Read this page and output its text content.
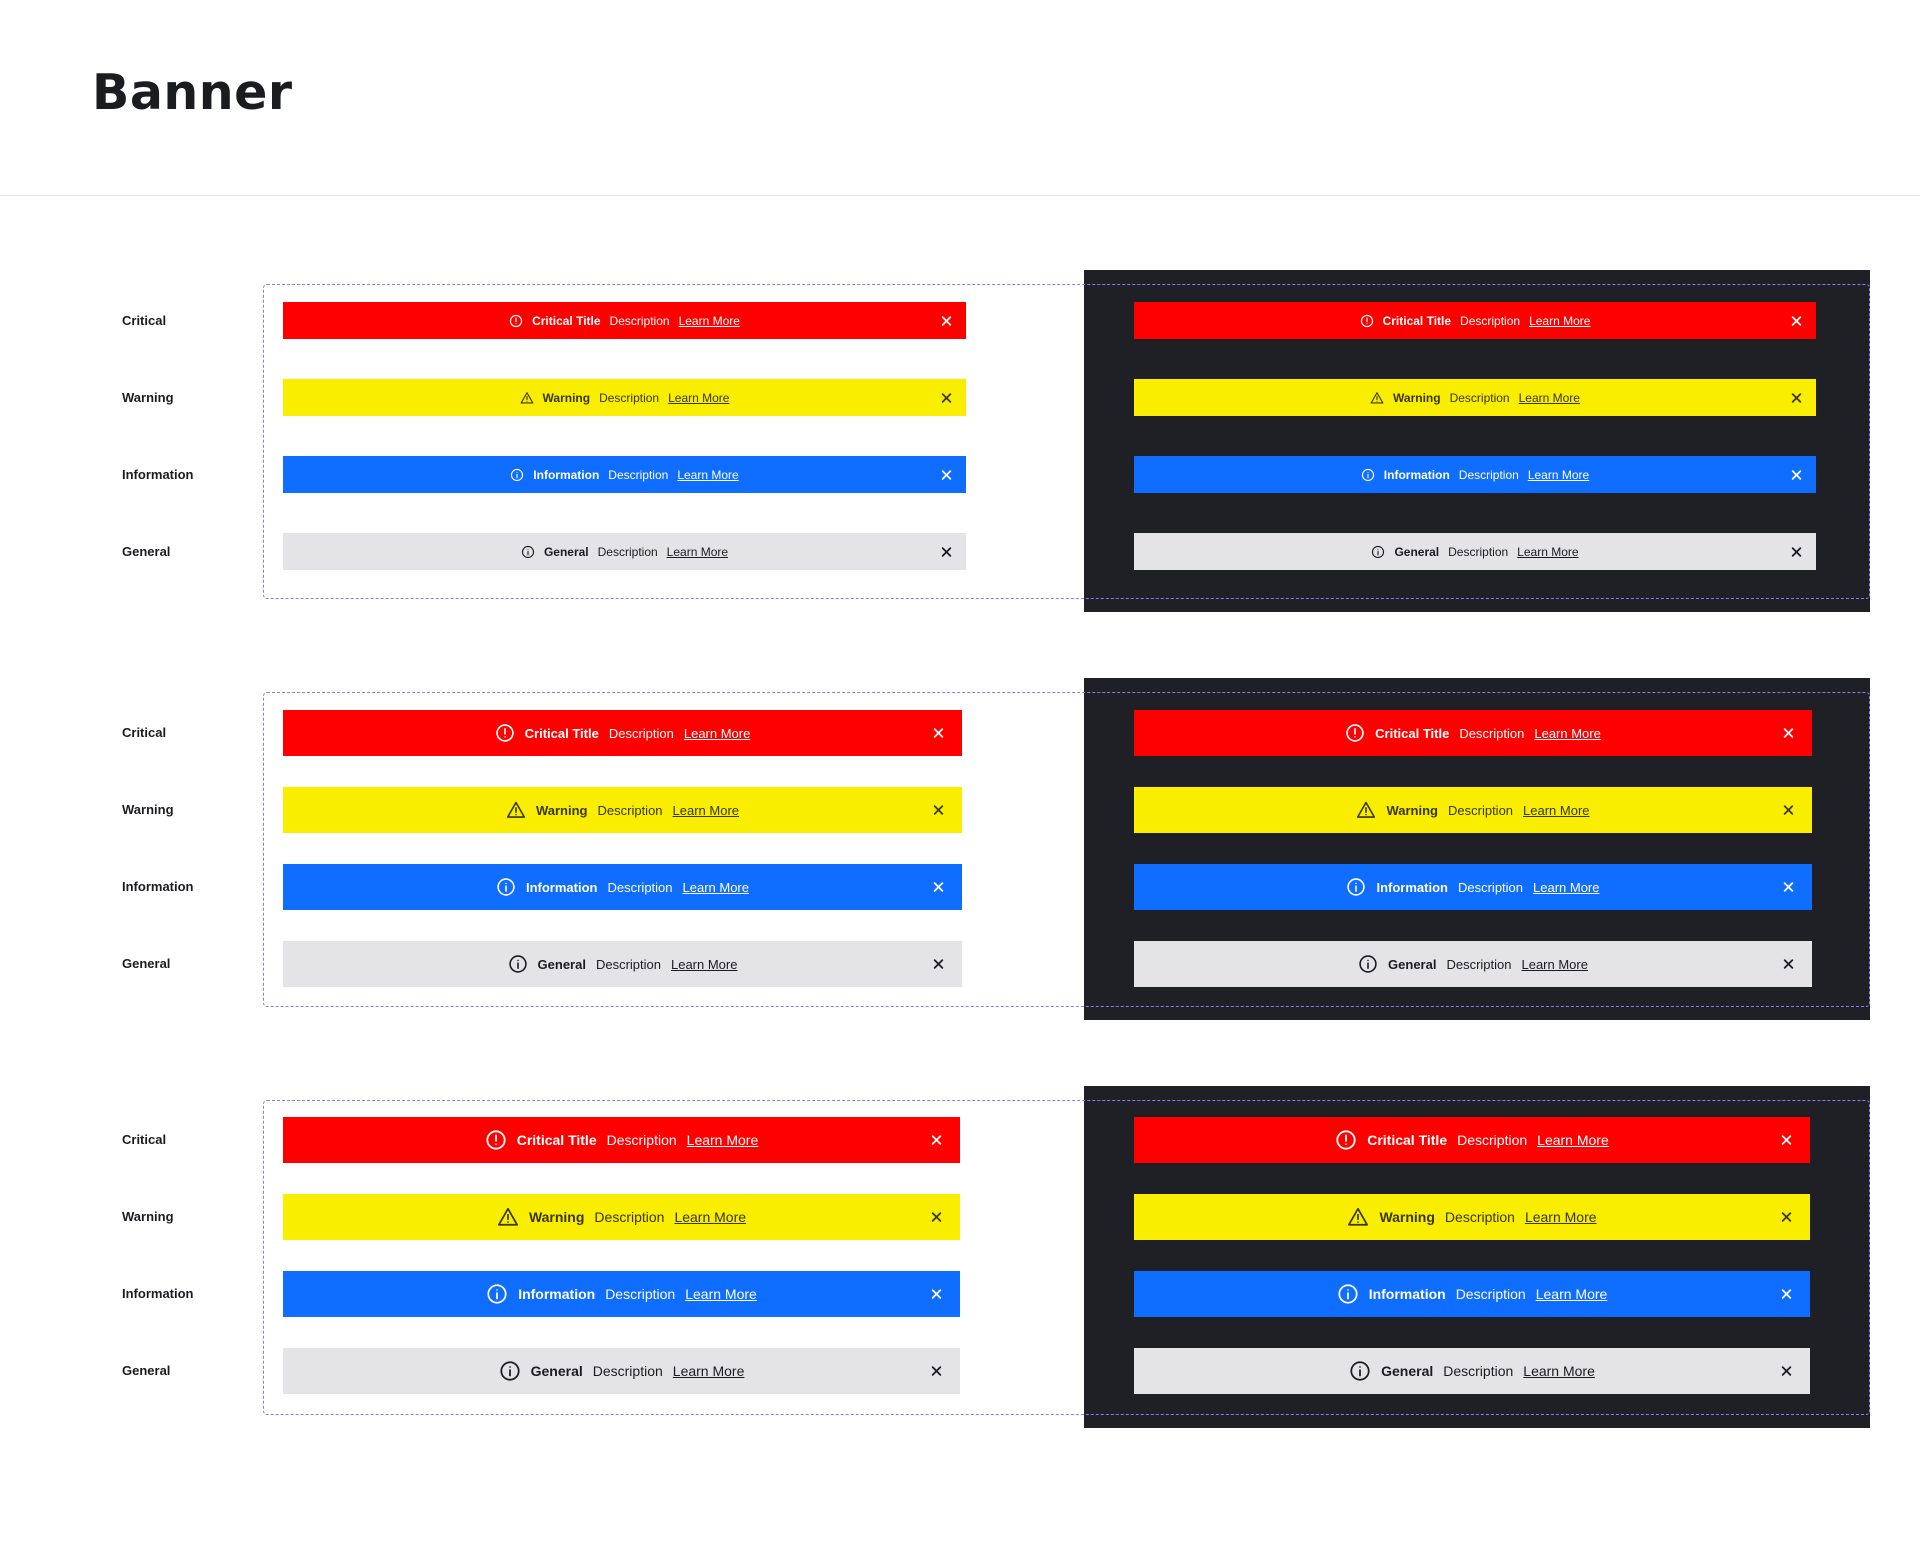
Banner
Critical	Critical Title Description Learn More	Critical Title Description Learn More
Warning	Warning Description Learn More	Warning Description Learn More
Information	Information Description Learn More	Information Description Learn More
General	General Description Learn More	General Description Learn More
Critical	Critical Title Description Learn More	Critical Title Description Learn More
Warning	Warning Description Learn More	Warning Description Learn More
Information	Information Description Learn More	Information Description Learn More
General	General Description Learn More	General Description Learn More
Critical	Critical Title Description Learn More	Critical Title Description Learn More
Warning	Warning Description Learn More	Warning Description Learn More
Information	Information Description Learn More	Information Description Learn More
General	General Description Learn More	General Description Learn More
